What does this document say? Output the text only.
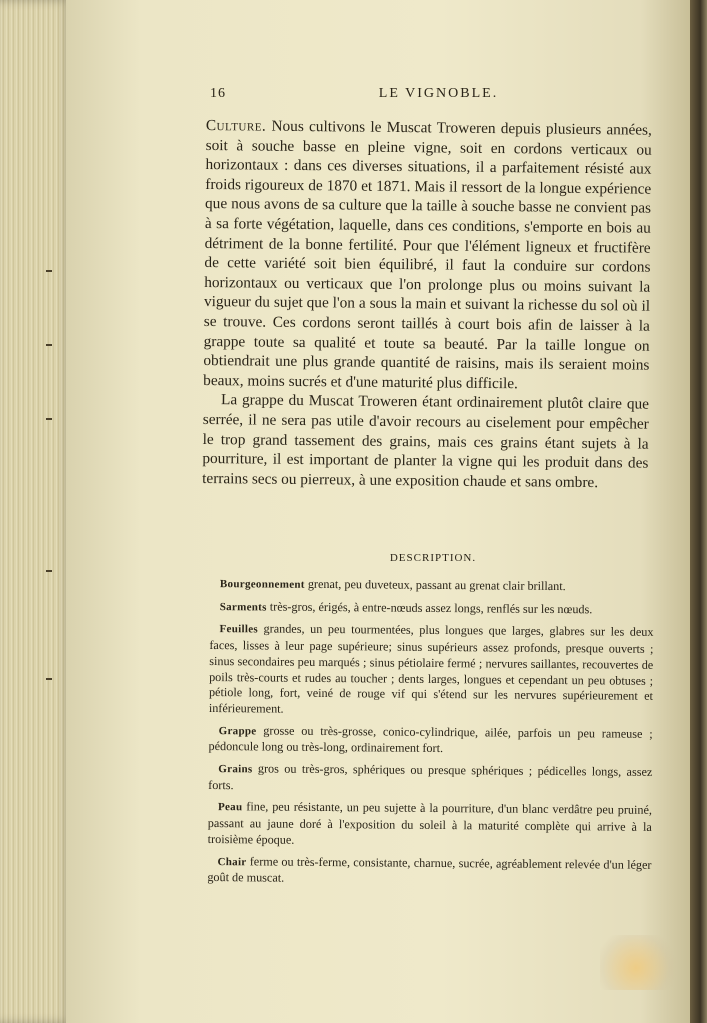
16	LE VIGNOBLE.

Culture. Nous cultivons le Muscat Troweren depuis plusieurs années, soit à souche basse en pleine vigne, soit en cordons verticaux ou horizontaux : dans ces diverses situations, il a parfaitement résisté aux froids rigoureux de 1870 et 1871. Mais il ressort de la longue expérience que nous avons de sa culture que la taille à souche basse ne convient pas à sa forte végétation, laquelle, dans ces conditions, s'emporte en bois au détriment de la bonne fertilité. Pour que l'élément ligneux et fructifère de cette variété soit bien équilibré, il faut la conduire sur cordons horizontaux ou verticaux que l'on prolonge plus ou moins suivant la vigueur du sujet que l'on a sous la main et suivant la richesse du sol où il se trouve. Ces cordons seront taillés à court bois afin de laisser à la grappe toute sa qualité et toute sa beauté. Par la taille longue on obtiendrait une plus grande quantité de raisins, mais ils seraient moins beaux, moins sucrés et d'une maturité plus difficile.

La grappe du Muscat Troweren étant ordinairement plutôt claire que serrée, il ne sera pas utile d'avoir recours au ciselement pour empêcher le trop grand tassement des grains, mais ces grains étant sujets à la pourriture, il est important de planter la vigne qui les produit dans des terrains secs ou pierreux, à une exposition chaude et sans ombre.

DESCRIPTION.

Bourgeonnement grenat, peu duveteux, passant au grenat clair brillant.

Sarments très-gros, érigés, à entre-nœuds assez longs, renflés sur les nœuds.

Feuilles grandes, un peu tourmentées, plus longues que larges, glabres sur les deux faces, lisses à leur page supérieure; sinus supérieurs assez profonds, presque ouverts ; sinus secondaires peu marqués ; sinus pétiolaire fermé ; nervures saillantes, recouvertes de poils très-courts et rudes au toucher ; dents larges, longues et cependant un peu obtuses ; pétiole long, fort, veiné de rouge vif qui s'étend sur les nervures supérieurement et inférieurement.

Grappe grosse ou très-grosse, conico-cylindrique, ailée, parfois un peu rameuse ; pédoncule long ou très-long, ordinairement fort.

Grains gros ou très-gros, sphériques ou presque sphériques ; pédicelles longs, assez forts.

Peau fine, peu résistante, un peu sujette à la pourriture, d'un blanc verdâtre peu pruiné, passant au jaune doré à l'exposition du soleil à la maturité complète qui arrive à la troisième époque.

Chair ferme ou très-ferme, consistante, charnue, sucrée, agréablement relevée d'un léger goût de muscat.
